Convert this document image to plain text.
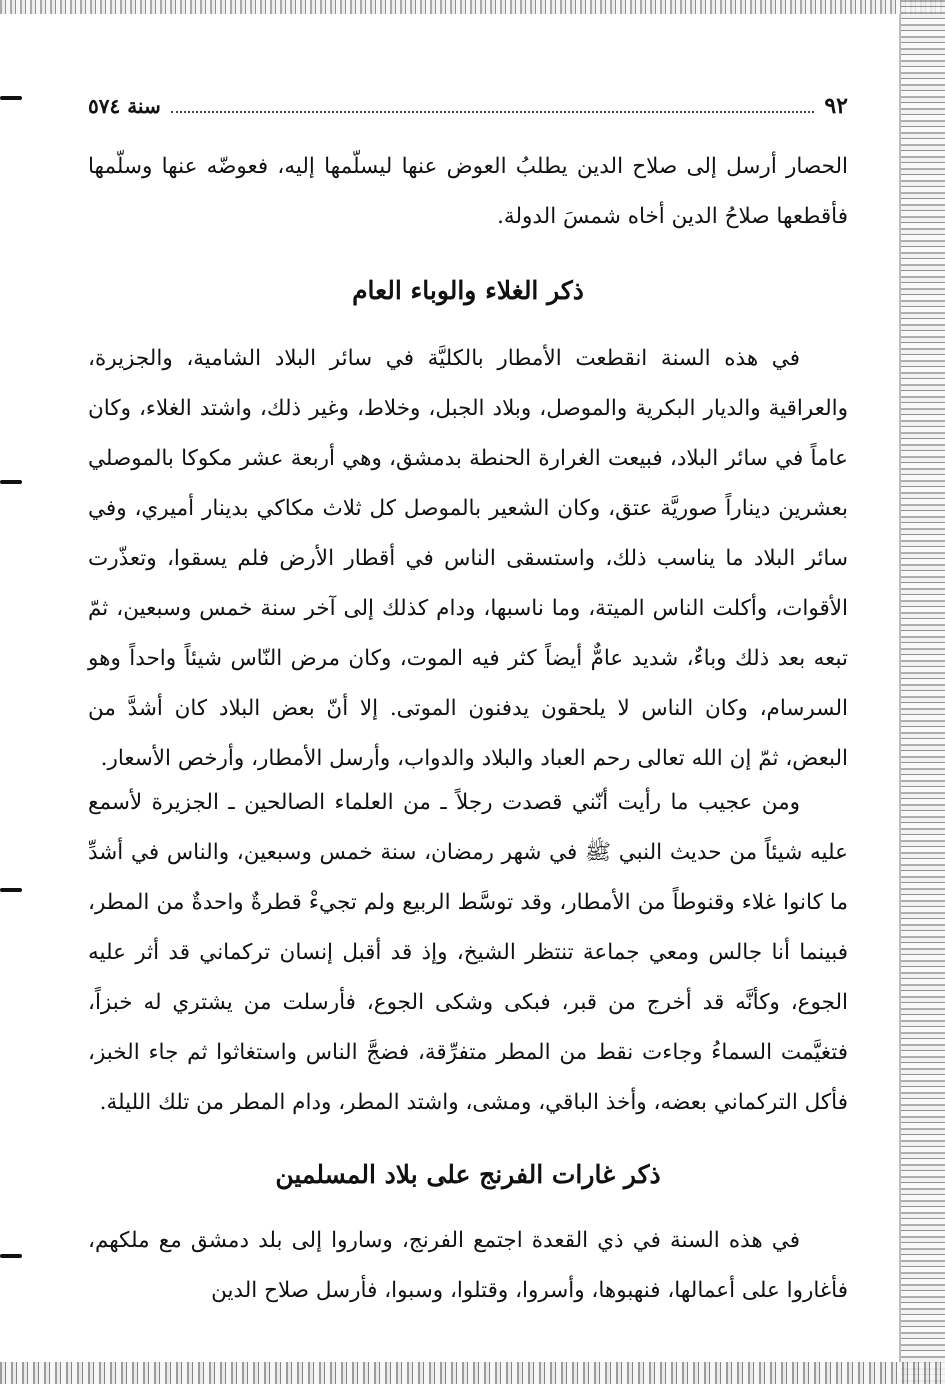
٩٢
سنة ٥٧٤

الحصار أرسل إلى صلاح الدين يطلبُ العوض عنها ليسلّمها إليه، فعوضّه عنها وسلّمها فأقطعها صلاحُ الدين أخاه شمسَ الدولة.

ذكر الغلاء والوباء العام

في هذه السنة انقطعت الأمطار بالكليَّة في سائر البلاد الشامية، والجزيرة، والعراقية والديار البكرية والموصل، وبلاد الجبل، وخلاط، وغير ذلك، واشتد الغلاء، وكان عاماً في سائر البلاد، فبيعت الغرارة الحنطة بدمشق، وهي أربعة عشر مكوكا بالموصلي بعشرين ديناراً صوريَّة عتق، وكان الشعير بالموصل كل ثلاث مكاكي بدينار أميري، وفي سائر البلاد ما يناسب ذلك، واستسقى الناس في أقطار الأرض فلم يسقوا، وتعذّرت الأقوات، وأكلت الناس الميتة، وما ناسبها، ودام كذلك إلى آخر سنة خمس وسبعين، ثمّ تبعه بعد ذلك وباءٌ، شديد عامٌّ أيضاً كثر فيه الموت، وكان مرض النّاس شيئاً واحداً وهو السرسام، وكان الناس لا يلحقون يدفنون الموتى. إلا أنّ بعض البلاد كان أشدَّ من البعض، ثمّ إن الله تعالى رحم العباد والبلاد والدواب، وأرسل الأمطار، وأرخص الأسعار.

ومن عجيب ما رأيت أنّني قصدت رجلاً ـ من العلماء الصالحين ـ الجزيرة لأسمع عليه شيئاً من حديث النبي ﷺ في شهر رمضان، سنة خمس وسبعين، والناس في أشدِّ ما كانوا غلاء وقنوطاً من الأمطار، وقد توسَّط الربيع ولم تجيءْ قطرةٌ واحدةٌ من المطر، فبينما أنا جالس ومعي جماعة تنتظر الشيخ، وإذ قد أقبل إنسان تركماني قد أثر عليه الجوع، وكأنَّه قد أخرج من قبر، فبكى وشكى الجوع، فأرسلت من يشتري له خبزاً، فتغيَّمت السماءُ وجاءت نقط من المطر متفرِّقة، فضجَّ الناس واستغاثوا ثم جاء الخبز، فأكل التركماني بعضه، وأخذ الباقي، ومشى، واشتد المطر، ودام المطر من تلك الليلة.

ذكر غارات الفرنج على بلاد المسلمين

في هذه السنة في ذي القعدة اجتمع الفرنج، وساروا إلى بلد دمشق مع ملكهم، فأغاروا على أعمالها، فنهبوها، وأسروا، وقتلوا، وسبوا، فأرسل صلاح الدين
